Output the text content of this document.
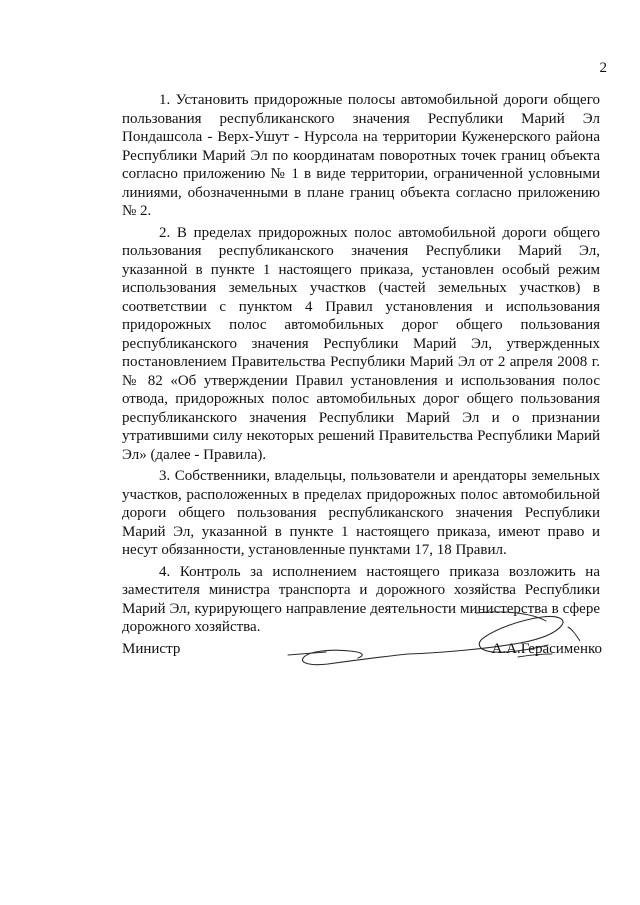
2

1. Установить придорожные полосы автомобильной дороги общего пользования республиканского значения Республики Марий Эл Пондашсола - Верх-Ушут - Нурсола на территории Куженерского района Республики Марий Эл по координатам поворотных точек границ объекта согласно приложению № 1 в виде территории, ограниченной условными линиями, обозначенными в плане границ объекта согласно приложению № 2.

2. В пределах придорожных полос автомобильной дороги общего пользования республиканского значения Республики Марий Эл, указанной в пункте 1 настоящего приказа, установлен особый режим использования земельных участков (частей земельных участков) в соответствии с пунктом 4 Правил установления и использования придорожных полос автомобильных дорог общего пользования республиканского значения Республики Марий Эл, утвержденных постановлением Правительства Республики Марий Эл от 2 апреля 2008 г. № 82 «Об утверждении Правил установления и использования полос отвода, придорожных полос автомобильных дорог общего пользования республиканского значения Республики Марий Эл и о признании утратившими силу некоторых решений Правительства Республики Марий Эл» (далее - Правила).

3. Собственники, владельцы, пользователи и арендаторы земельных участков, расположенных в пределах придорожных полос автомобильной дороги общего пользования республиканского значения Республики Марий Эл, указанной в пункте 1 настоящего приказа, имеют право и несут обязанности, установленные пунктами 17, 18 Правил.

4. Контроль за исполнением настоящего приказа возложить на заместителя министра транспорта и дорожного хозяйства Республики Марий Эл, курирующего направление деятельности министерства в сфере дорожного хозяйства.

Министр	А.А.Герасименко
